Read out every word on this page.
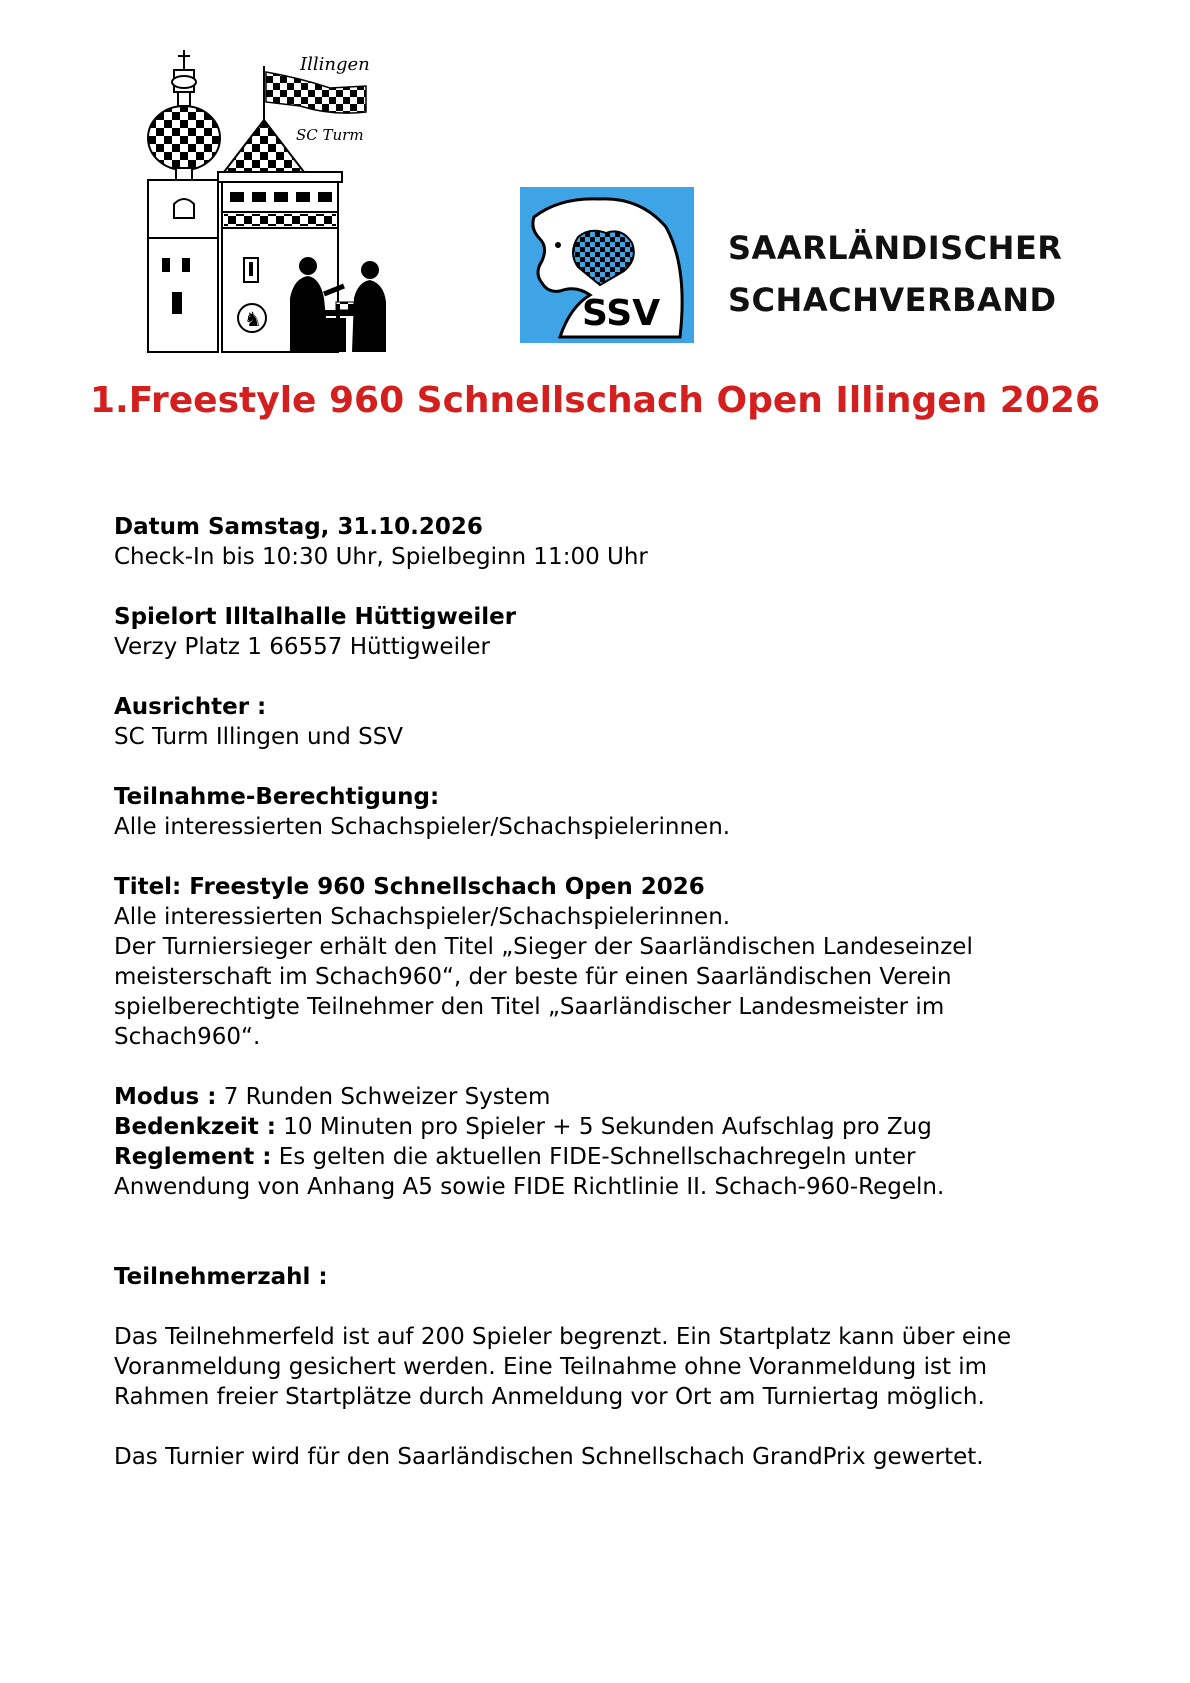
Illingen
SC Turm
♞	SSV
SAARLÄNDISCHER
SCHACHVERBAND
1.Freestyle 960 Schnellschach Open Illingen 2026

Datum Samstag, 31.10.2026

Check-In bis 10:30 Uhr, Spielbeginn 11:00 Uhr

Spielort Illtalhalle Hüttigweiler

Verzy Platz 1 66557 Hüttigweiler

Ausrichter :

SC Turm Illingen und SSV

Teilnahme-Berechtigung:

Alle interessierten Schachspieler/Schachspielerinnen.

Titel: Freestyle 960 Schnellschach Open 2026

Alle interessierten Schachspieler/Schachspielerinnen.

Der Turniersieger erhält den Titel „Sieger der Saarländischen Landeseinzel

meisterschaft im Schach960“, der beste für einen Saarländischen Verein

spielberechtigte Teilnehmer den Titel „Saarländischer Landesmeister im

Schach960“.

Modus : 7 Runden Schweizer System

Bedenkzeit : 10 Minuten pro Spieler + 5 Sekunden Aufschlag pro Zug

Reglement : Es gelten die aktuellen FIDE-Schnellschachregeln unter

Anwendung von Anhang A5 sowie FIDE Richtlinie II. Schach-960-Regeln.

Teilnehmerzahl :

Das Teilnehmerfeld ist auf 200 Spieler begrenzt. Ein Startplatz kann über eine

Voranmeldung gesichert werden. Eine Teilnahme ohne Voranmeldung ist im

Rahmen freier Startplätze durch Anmeldung vor Ort am Turniertag möglich.

Das Turnier wird für den Saarländischen Schnellschach GrandPrix gewertet.
